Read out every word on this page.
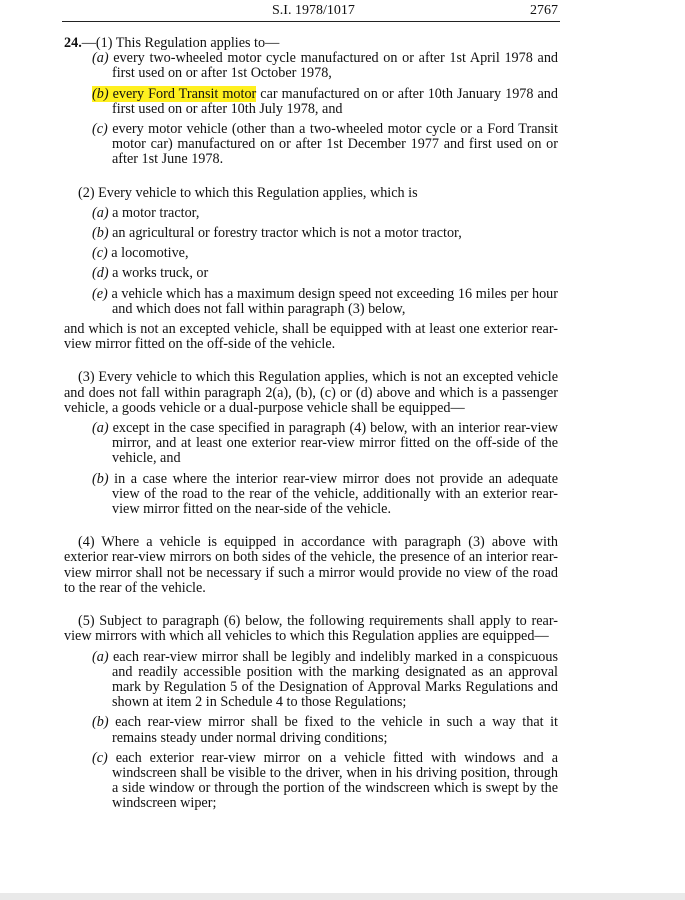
S.I. 1978/1017	2767

24.—(1) This Regulation applies to—

(a) every two-wheeled motor cycle manufactured on or after 1st April 1978 and first used on or after 1st October 1978,

(b) every Ford Transit motor car manufactured on or after 10th January 1978 and first used on or after 10th July 1978, and

(c) every motor vehicle (other than a two-wheeled motor cycle or a Ford Transit motor car) manufactured on or after 1st December 1977 and first used on or after 1st June 1978.

(2) Every vehicle to which this Regulation applies, which is

(a) a motor tractor,

(b) an agricultural or forestry tractor which is not a motor tractor,

(c) a locomotive,

(d) a works truck, or

(e) a vehicle which has a maximum design speed not exceeding 16 miles per hour and which does not fall within paragraph (3) below,

and which is not an excepted vehicle, shall be equipped with at least one exterior rear-view mirror fitted on the off-side of the vehicle.

(3) Every vehicle to which this Regulation applies, which is not an excepted vehicle and does not fall within paragraph 2(a), (b), (c) or (d) above and which is a passenger vehicle, a goods vehicle or a dual-purpose vehicle shall be equipped—

(a) except in the case specified in paragraph (4) below, with an interior rear-view mirror, and at least one exterior rear-view mirror fitted on the off-side of the vehicle, and

(b) in a case where the interior rear-view mirror does not provide an adequate view of the road to the rear of the vehicle, additionally with an exterior rear-view mirror fitted on the near-side of the vehicle.

(4) Where a vehicle is equipped in accordance with paragraph (3) above with exterior rear-view mirrors on both sides of the vehicle, the presence of an interior rear-view mirror shall not be necessary if such a mirror would provide no view of the road to the rear of the vehicle.

(5) Subject to paragraph (6) below, the following requirements shall apply to rear-view mirrors with which all vehicles to which this Regulation applies are equipped—

(a) each rear-view mirror shall be legibly and indelibly marked in a conspicuous and readily accessible position with the marking designated as an approval mark by Regulation 5 of the Designation of Approval Marks Regulations and shown at item 2 in Schedule 4 to those Regulations;

(b) each rear-view mirror shall be fixed to the vehicle in such a way that it remains steady under normal driving conditions;

(c) each exterior rear-view mirror on a vehicle fitted with windows and a windscreen shall be visible to the driver, when in his driving position, through a side window or through the portion of the windscreen which is swept by the windscreen wiper;
